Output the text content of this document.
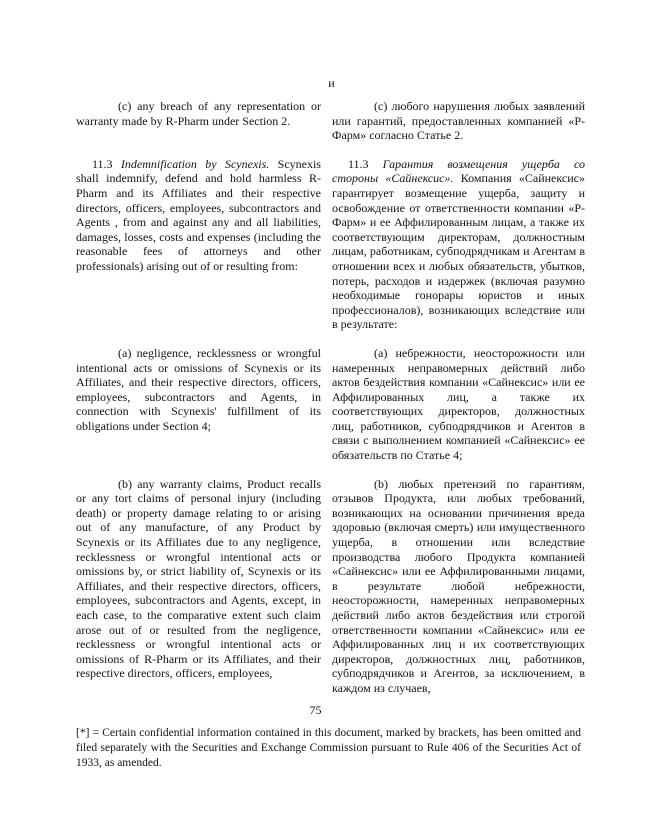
и

(c) any breach of any representation or warranty made by R-Pharm under Section 2.

(c) любого нарушения любых заявлений или гарантий, предоставленных компанией «Р-Фарм» согласно Статье 2.

11.3 Indemnification by Scynexis. Scynexis shall indemnify, defend and hold harmless R-Pharm and its Affiliates and their respective directors, officers, employees, subcontractors and Agents , from and against any and all liabilities, damages, losses, costs and expenses (including the reasonable fees of attorneys and other professionals) arising out of or resulting from:

11.3 Гарантия возмещения ущерба со стороны «Сайнексис». Компания «Сайнексис» гарантирует возмещение ущерба, защиту и освобождение от ответственности компании «Р-Фарм» и ее Аффилированным лицам, а также их соответствующим директорам, должностным лицам, работникам, субподрядчикам и Агентам в отношении всех и любых обязательств, убытков, потерь, расходов и издержек (включая разумно необходимые гонорары юристов и иных профессионалов), возникающих вследствие или в результате:

(a) negligence, recklessness or wrongful intentional acts or omissions of Scynexis or its Affiliates, and their respective directors, officers, employees, subcontractors and Agents, in connection with Scynexis' fulfillment of its obligations under Section 4;

(a) небрежности, неосторожности или намеренных неправомерных действий либо актов бездействия компании «Сайнексис» или ее Аффилированных лиц, а также их соответствующих директоров, должностных лиц, работников, субподрядчиков и Агентов в связи с выполнением компанией «Сайнексис» ее обязательств по Статье 4;

(b) any warranty claims, Product recalls or any tort claims of personal injury (including death) or property damage relating to or arising out of any manufacture, of any Product by Scynexis or its Affiliates due to any negligence, recklessness or wrongful intentional acts or omissions by, or strict liability of, Scynexis or its Affiliates, and their respective directors, officers, employees, subcontractors and Agents, except, in each case, to the comparative extent such claim arose out of or resulted from the negligence, recklessness or wrongful intentional acts or omissions of R-Pharm or its Affiliates, and their respective directors, officers, employees,

(b) любых претензий по гарантиям, отзывов Продукта, или любых требований, возникающих на основании причинения вреда здоровью (включая смерть) или имущественного ущерба, в отношении или вследствие производства любого Продукта компанией «Сайнексис» или ее Аффилированными лицами, в результате любой небрежности, неосторожности, намеренных неправомерных действий либо актов бездействия или строгой ответственности компании «Сайнексис» или ее Аффилированных лиц и их соответствующих директоров, должностных лиц, работников, субподрядчиков и Агентов, за исключением, в каждом из случаев,

75
[*] = Certain confidential information contained in this document, marked by brackets, has been omitted and filed separately with the Securities and Exchange Commission pursuant to Rule 406 of the Securities Act of 1933, as amended.
